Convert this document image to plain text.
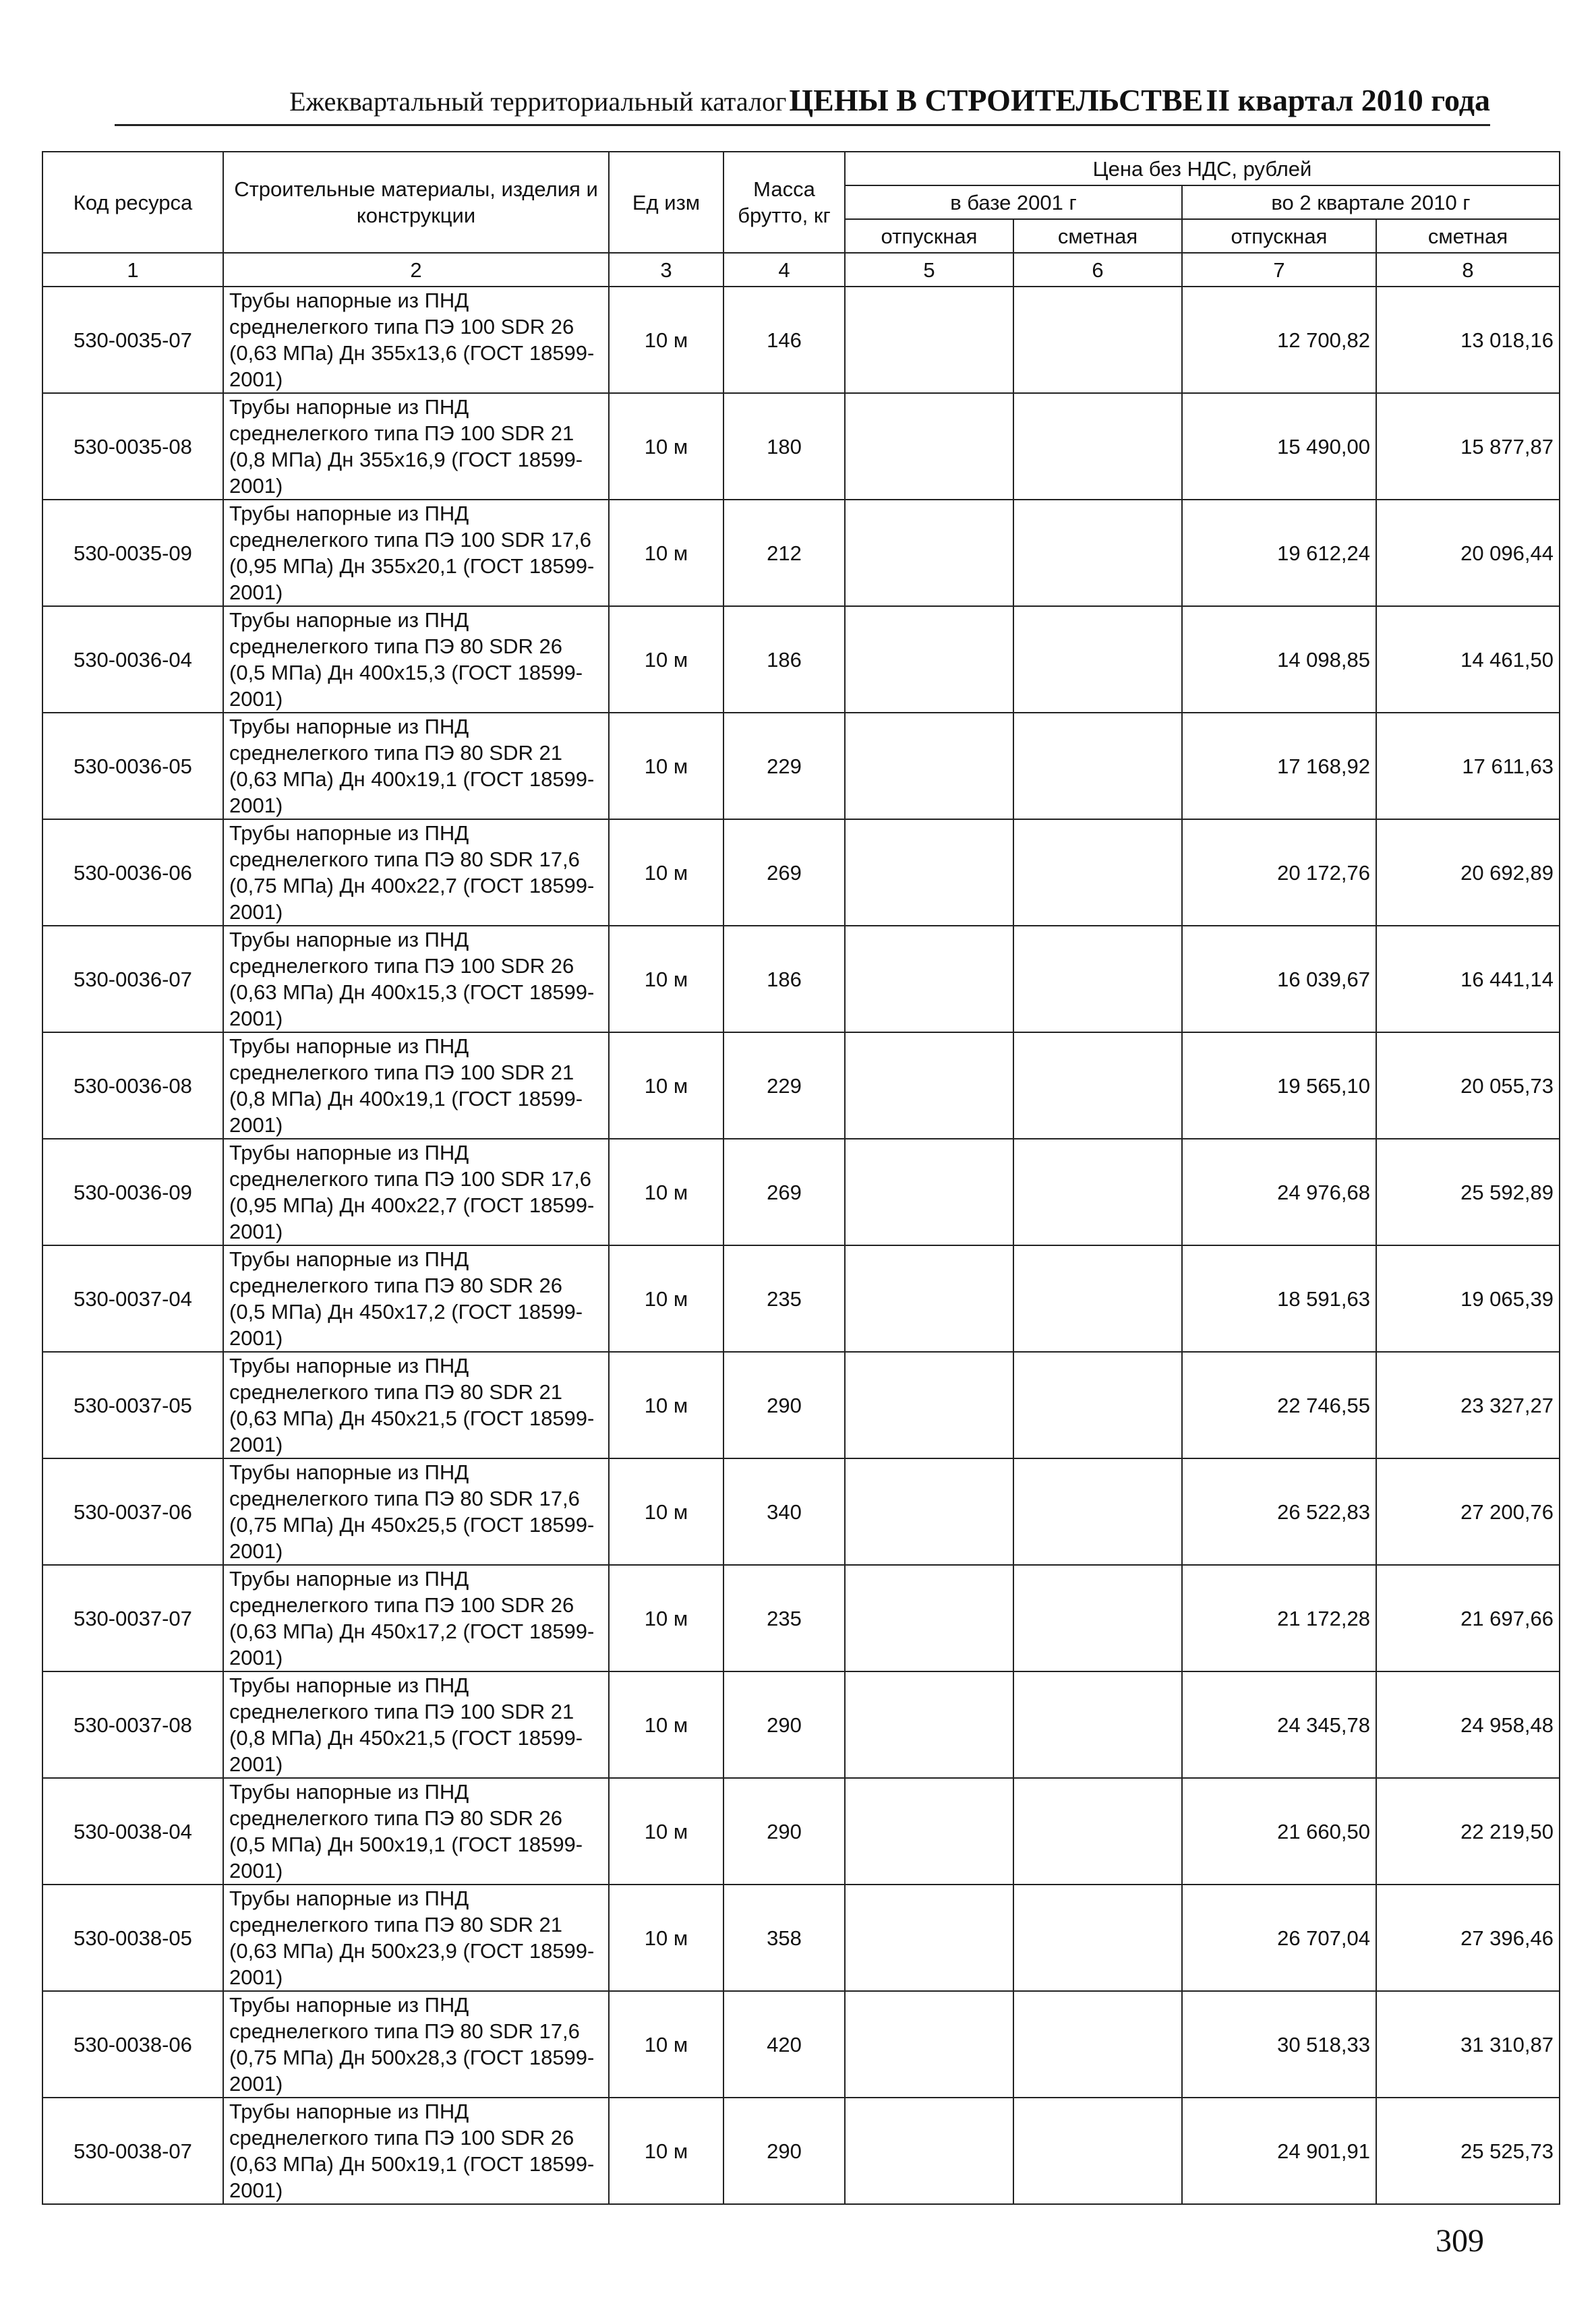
Ежеквартальный территориальный каталог ЦЕНЫ В СТРОИТЕЛЬСТВЕ II квартал 2010 года
Код ресурса	Строительные материалы, изделия и конструкции	Ед изм	Масса брутто, кг	Цена без НДС, рублей			
				в базе 2001 г		во 2 квартале 2010 г	
				отпускная	сметная	отпускная	сметная
1	2	3	4	5	6	7	8
530-0035-07	Трубы напорные из ПНД среднелегкого типа ПЭ 100 SDR 26 (0,63 МПа) Дн 355х13,6 (ГОСТ 18599-2001)	10 м	146			12 700,82	13 018,16
530-0035-08	Трубы напорные из ПНД среднелегкого типа ПЭ 100 SDR 21 (0,8 МПа) Дн 355х16,9 (ГОСТ 18599-2001)	10 м	180			15 490,00	15 877,87
530-0035-09	Трубы напорные из ПНД среднелегкого типа ПЭ 100 SDR 17,6 (0,95 МПа) Дн 355х20,1 (ГОСТ 18599-2001)	10 м	212			19 612,24	20 096,44
530-0036-04	Трубы напорные из ПНД среднелегкого типа ПЭ 80 SDR 26 (0,5 МПа) Дн 400х15,3 (ГОСТ 18599-2001)	10 м	186			14 098,85	14 461,50
530-0036-05	Трубы напорные из ПНД среднелегкого типа ПЭ 80 SDR 21 (0,63 МПа) Дн 400х19,1 (ГОСТ 18599-2001)	10 м	229			17 168,92	17 611,63
530-0036-06	Трубы напорные из ПНД среднелегкого типа ПЭ 80 SDR 17,6 (0,75 МПа) Дн 400х22,7 (ГОСТ 18599-2001)	10 м	269			20 172,76	20 692,89
530-0036-07	Трубы напорные из ПНД среднелегкого типа ПЭ 100 SDR 26 (0,63 МПа) Дн 400х15,3 (ГОСТ 18599-2001)	10 м	186			16 039,67	16 441,14
530-0036-08	Трубы напорные из ПНД среднелегкого типа ПЭ 100 SDR 21 (0,8 МПа) Дн 400х19,1 (ГОСТ 18599-2001)	10 м	229			19 565,10	20 055,73
530-0036-09	Трубы напорные из ПНД среднелегкого типа ПЭ 100 SDR 17,6 (0,95 МПа) Дн 400х22,7 (ГОСТ 18599-2001)	10 м	269			24 976,68	25 592,89
530-0037-04	Трубы напорные из ПНД среднелегкого типа ПЭ 80 SDR 26 (0,5 МПа) Дн 450х17,2 (ГОСТ 18599-2001)	10 м	235			18 591,63	19 065,39
530-0037-05	Трубы напорные из ПНД среднелегкого типа ПЭ 80 SDR 21 (0,63 МПа) Дн 450х21,5 (ГОСТ 18599-2001)	10 м	290			22 746,55	23 327,27
530-0037-06	Трубы напорные из ПНД среднелегкого типа ПЭ 80 SDR 17,6 (0,75 МПа) Дн 450х25,5 (ГОСТ 18599-2001)	10 м	340			26 522,83	27 200,76
530-0037-07	Трубы напорные из ПНД среднелегкого типа ПЭ 100 SDR 26 (0,63 МПа) Дн 450х17,2 (ГОСТ 18599-2001)	10 м	235			21 172,28	21 697,66
530-0037-08	Трубы напорные из ПНД среднелегкого типа ПЭ 100 SDR 21 (0,8 МПа) Дн 450х21,5 (ГОСТ 18599-2001)	10 м	290			24 345,78	24 958,48
530-0038-04	Трубы напорные из ПНД среднелегкого типа ПЭ 80 SDR 26 (0,5 МПа) Дн 500х19,1 (ГОСТ 18599-2001)	10 м	290			21 660,50	22 219,50
530-0038-05	Трубы напорные из ПНД среднелегкого типа ПЭ 80 SDR 21 (0,63 МПа) Дн 500х23,9 (ГОСТ 18599-2001)	10 м	358			26 707,04	27 396,46
530-0038-06	Трубы напорные из ПНД среднелегкого типа ПЭ 80 SDR 17,6 (0,75 МПа) Дн 500х28,3 (ГОСТ 18599-2001)	10 м	420			30 518,33	31 310,87
530-0038-07	Трубы напорные из ПНД среднелегкого типа ПЭ 100 SDR 26 (0,63 МПа) Дн 500х19,1 (ГОСТ 18599-2001)	10 м	290			24 901,91	25 525,73
309
